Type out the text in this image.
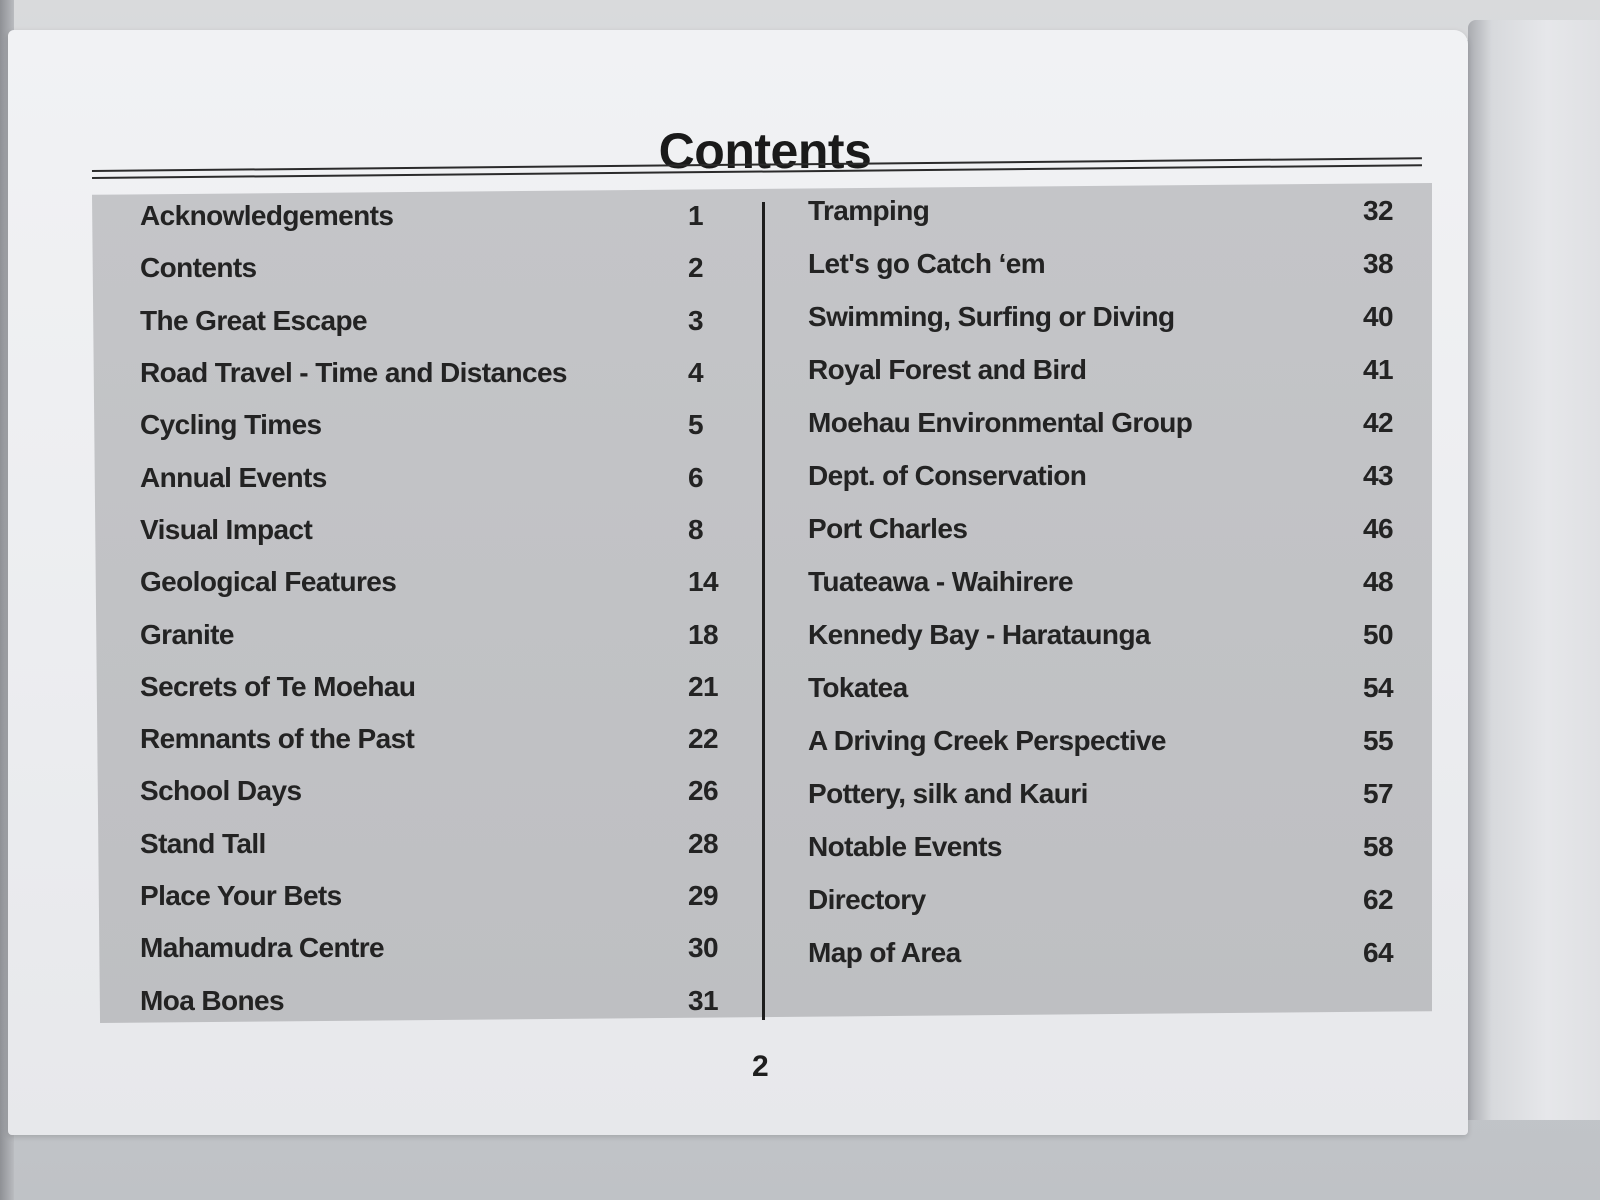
Contents
Acknowledgements	1
Contents	2
The Great Escape	3
Road Travel - Time and Distances	4
Cycling Times	5
Annual Events	6
Visual Impact	8
Geological Features	14
Granite	18
Secrets of Te Moehau	21
Remnants of the Past	22
School Days	26
Stand Tall	28
Place Your Bets	29
Mahamudra Centre	30
Moa Bones	31
Tramping	32
Let's go Catch ‘em	38
Swimming, Surfing or Diving	40
Royal Forest and Bird	41
Moehau Environmental Group	42
Dept. of Conservation	43
Port Charles	46
Tuateawa - Waihirere	48
Kennedy Bay - Harataunga	50
Tokatea	54
A Driving Creek Perspective	55
Pottery, silk and Kauri	57
Notable Events	58
Directory	62
Map of Area	64
2
